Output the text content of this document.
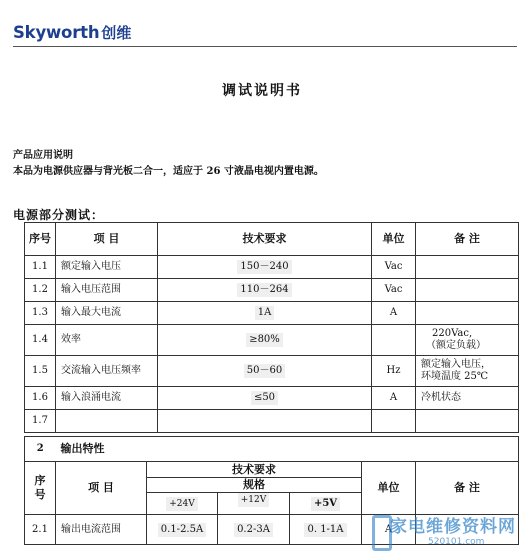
Skyworth 创维
调试说明书
产品应用说明
本品为电源供应器与背光板二合一，适应于 26 寸液晶电视内置电源。
电源部分测试：
序号	项 目	技术要求	单位	备 注
1.1	额定输入电压	150－240	Vac	
1.2	输入电压范围	110－264	Vac	
1.3	输入最大电流	1A	A	
1.4	效率	≥80%		220Vac,
（额定负载）

1.5	交流输入电压频率	50－60	Hz	额定输入电压，
环境温度 25℃

1.6	输入浪涌电流	≤50	A	冷机状态
1.7				
2	输出特性					

序号	项 目	技术要求			单位	备 注
		规格				
		+24V	+12V	+5V		
2.1	输出电流范围	0.1-2.5A	0.2-3A	0. 1-1A	A	
家电维修资料网
520101.com
